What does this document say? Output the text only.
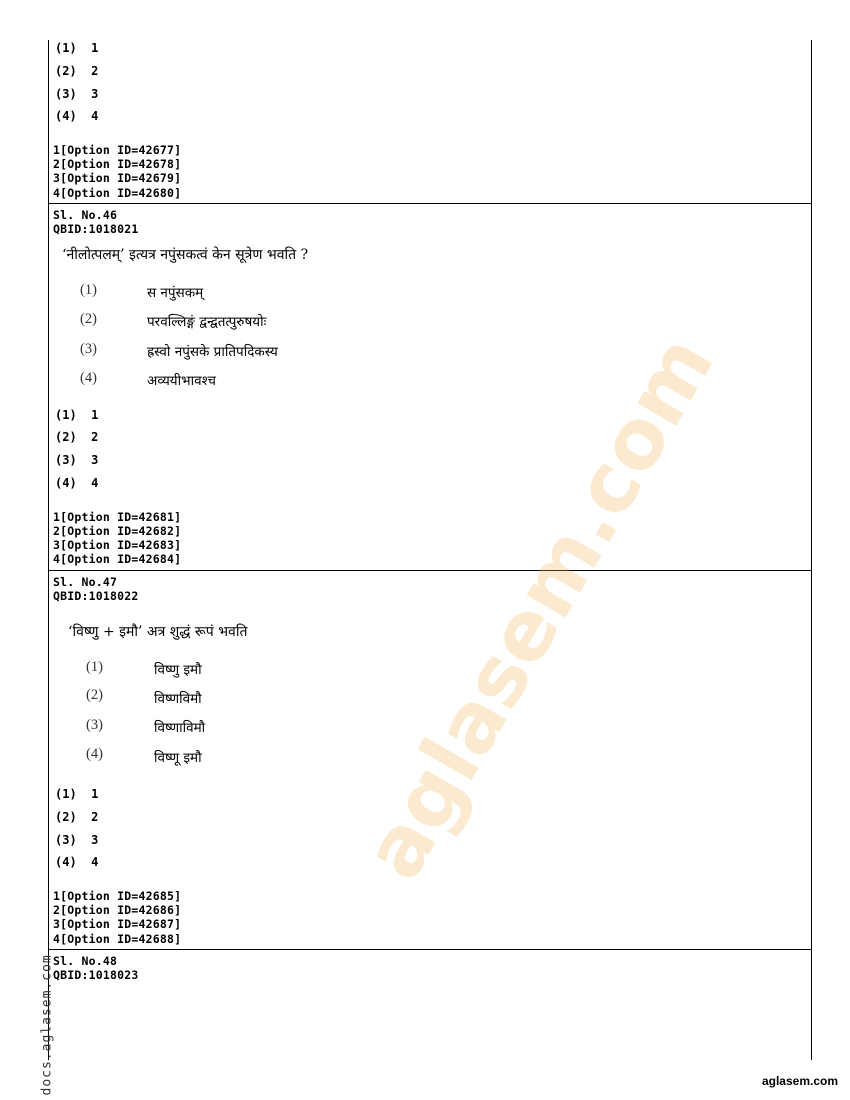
(1)  1
(2)  2
(3)  3
(4)  4
1[Option ID=42677]
2[Option ID=42678]
3[Option ID=42679]
4[Option ID=42680]
Sl. No.46
QBID:1018021
‘नीलोत्पलम्’ इत्यत्र नपुंसकत्वं केन सूत्रेण भवति ?
(1)	स नपुंसकम्
(2)	परवल्लिङ्गं द्वन्द्वतत्पुरुषयोः
(3)	ह्रस्वो नपुंसके प्रातिपदिकस्य
(4)	अव्ययीभावश्च
(1)  1
(2)  2
(3)  3
(4)  4
1[Option ID=42681]
2[Option ID=42682]
3[Option ID=42683]
4[Option ID=42684]
Sl. No.47
QBID:1018022
‘विष्णु + इमौ’ अत्र शुद्धं रूपं भवति
(1)	विष्णु इमौ
(2)	विष्णविमौ
(3)	विष्णाविमौ
(4)	विष्णू इमौ
(1)  1
(2)  2
(3)  3
(4)  4
1[Option ID=42685]
2[Option ID=42686]
3[Option ID=42687]
4[Option ID=42688]
Sl. No.48
QBID:1018023
aglasem.com
docs.aglasem.com	aglasem.com
